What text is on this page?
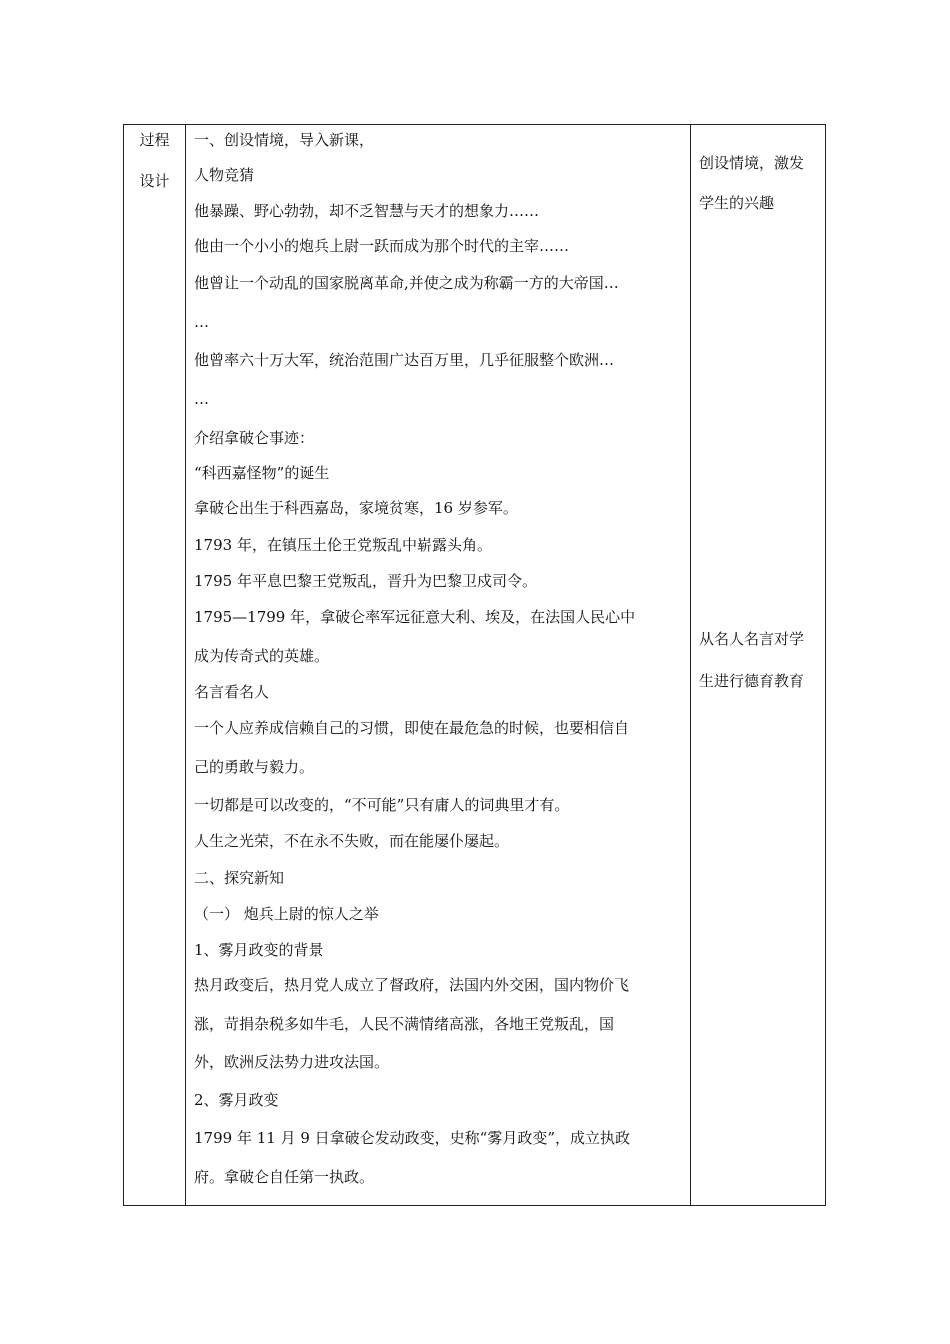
过程
设计
一、创设情境，导入新课，
人物竞猜
他暴躁、野心勃勃，却不乏智慧与天才的想象力……
他由一个小小的炮兵上尉一跃而成为那个时代的主宰……
他曾让一个动乱的国家脱离革命,并使之成为称霸一方的大帝国…
…
他曾率六十万大军，统治范围广达百万里，几乎征服整个欧洲…
…
介绍拿破仑事迹：
“科西嘉怪物”的诞生
拿破仑出生于科西嘉岛，家境贫寒，16 岁参军。
1793 年，在镇压土伦王党叛乱中崭露头角。
1795 年平息巴黎王党叛乱，晋升为巴黎卫戍司令。
1795—1799 年，拿破仑率军远征意大利、埃及，在法国人民心中
成为传奇式的英雄。
名言看名人
一个人应养成信赖自己的习惯，即使在最危急的时候，也要相信自
己的勇敢与毅力。
一切都是可以改变的，“不可能”只有庸人的词典里才有。
人生之光荣，不在永不失败，而在能屡仆屡起。
二、探究新知
（一） 炮兵上尉的惊人之举
1、雾月政变的背景
热月政变后，热月党人成立了督政府，法国内外交困，国内物价飞
涨，苛捐杂税多如牛毛，人民不满情绪高涨，各地王党叛乱，国
外，欧洲反法势力进攻法国。
2、雾月政变
1799 年 11 月 9 日拿破仑发动政变，史称“雾月政变”，成立执政
府。拿破仑自任第一执政。
创设情境，激发
学生的兴趣
从名人名言对学
生进行德育教育
